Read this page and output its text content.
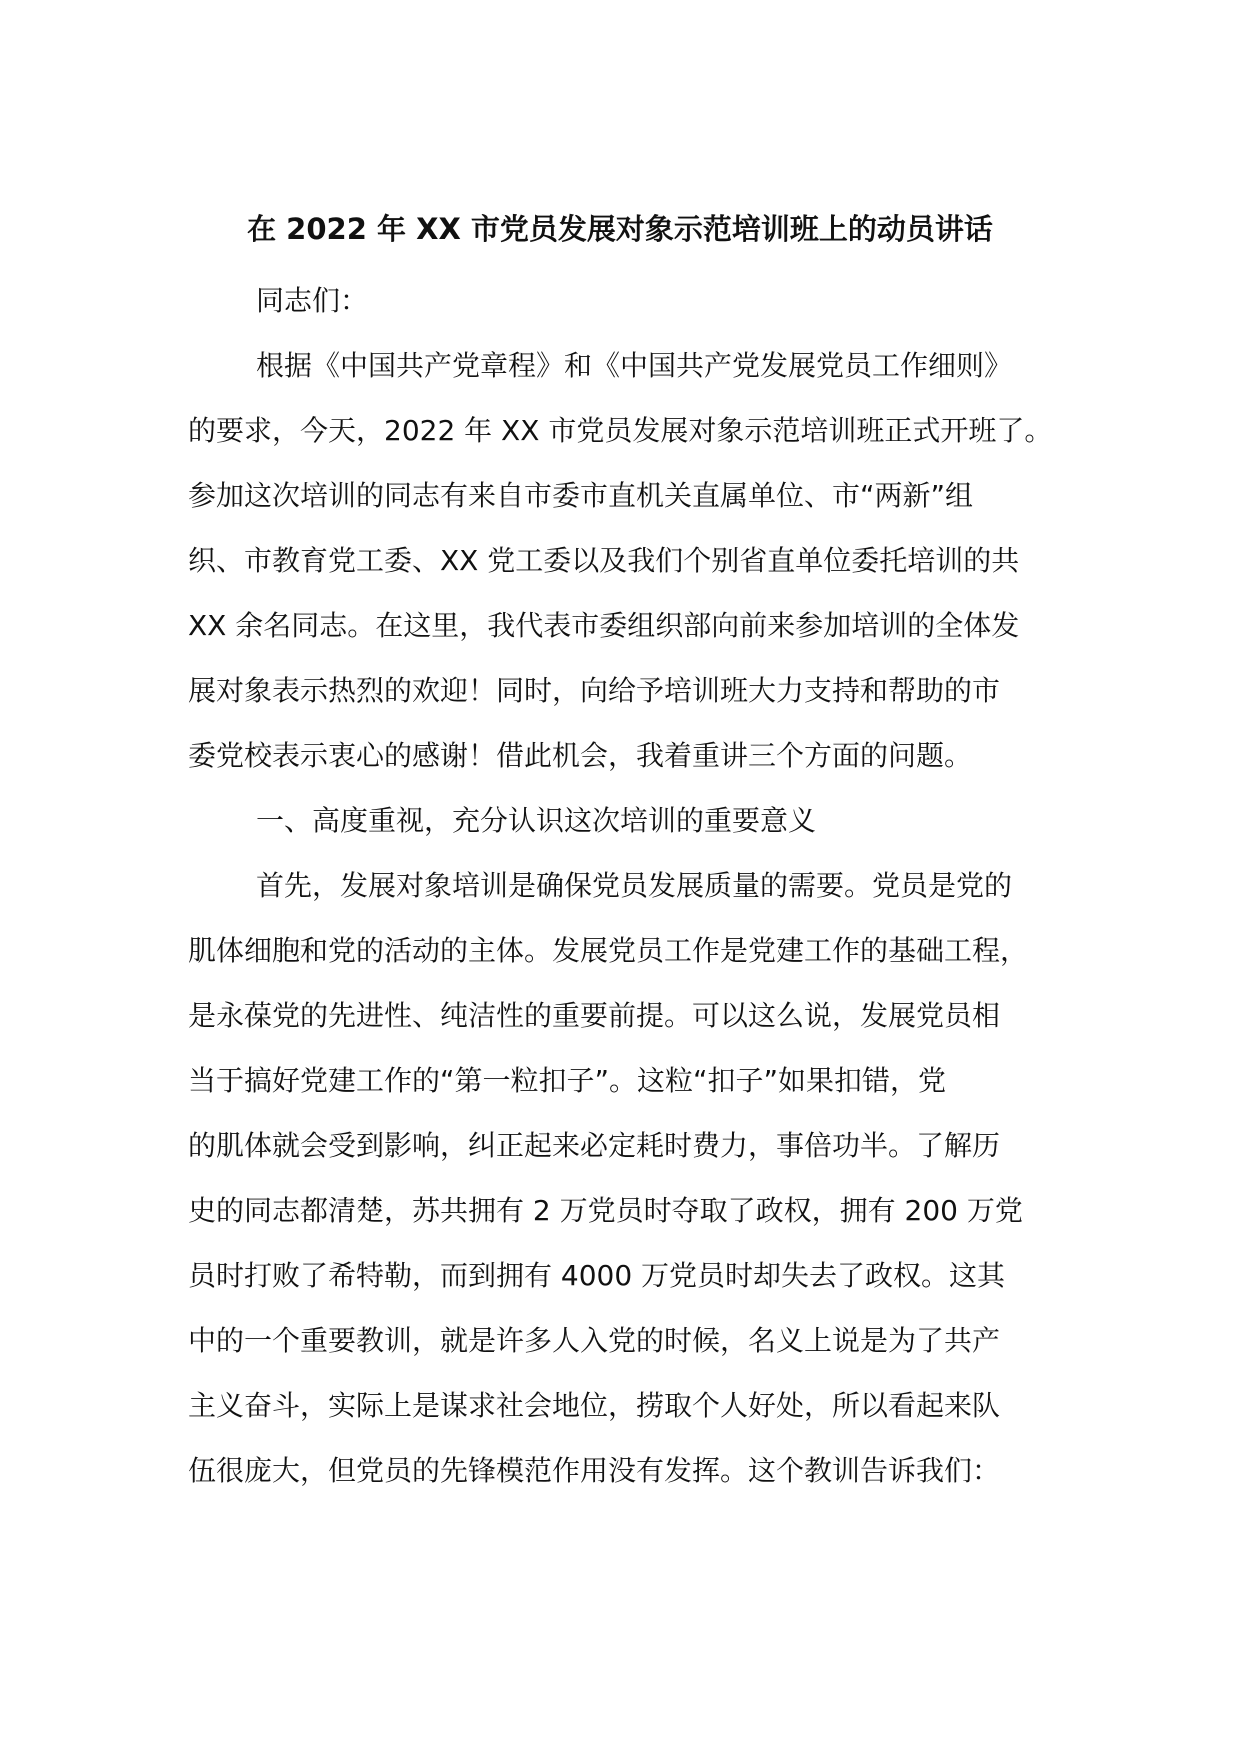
在 2022 年 XX 市党员发展对象示范培训班上的动员讲话
同志们：
根据《中国共产党章程》和《中国共产党发展党员工作细则》
的要求，今天，2022 年 XX 市党员发展对象示范培训班正式开班了。
参加这次培训的同志有来自市委市直机关直属单位、市“两新”组
织、市教育党工委、XX 党工委以及我们个别省直单位委托培训的共
XX 余名同志。在这里，我代表市委组织部向前来参加培训的全体发
展对象表示热烈的欢迎！同时，向给予培训班大力支持和帮助的市
委党校表示衷心的感谢！借此机会，我着重讲三个方面的问题。
一、高度重视，充分认识这次培训的重要意义
首先，发展对象培训是确保党员发展质量的需要。党员是党的
肌体细胞和党的活动的主体。发展党员工作是党建工作的基础工程，
是永葆党的先进性、纯洁性的重要前提。可以这么说，发展党员相
当于搞好党建工作的“第一粒扣子”。这粒“扣子”如果扣错，党
的肌体就会受到影响，纠正起来必定耗时费力，事倍功半。了解历
史的同志都清楚，苏共拥有 2 万党员时夺取了政权，拥有 200 万党
员时打败了希特勒，而到拥有 4000 万党员时却失去了政权。这其
中的一个重要教训，就是许多人入党的时候，名义上说是为了共产
主义奋斗，实际上是谋求社会地位，捞取个人好处，所以看起来队
伍很庞大，但党员的先锋模范作用没有发挥。这个教训告诉我们：
